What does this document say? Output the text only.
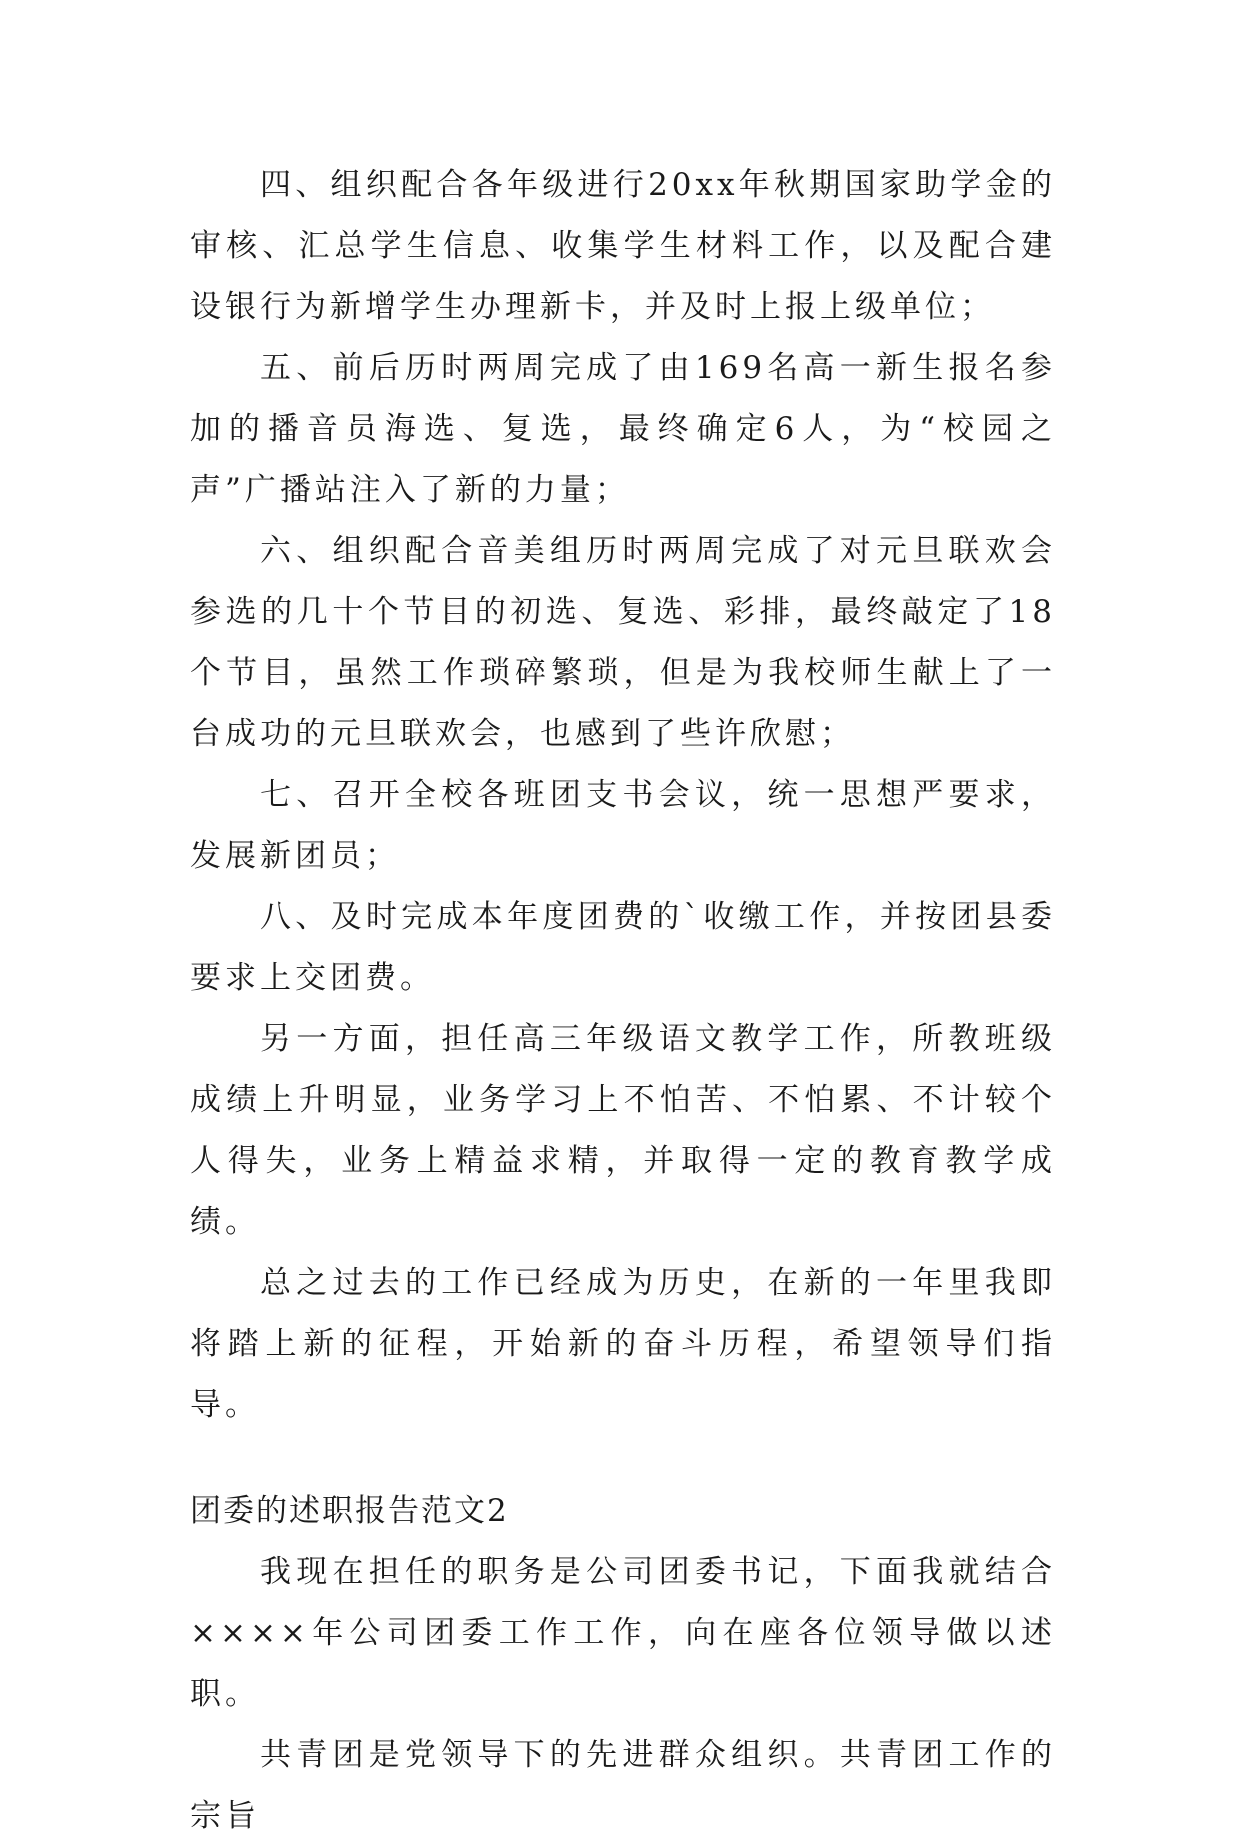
四、组织配合各年级进行20xx年秋期国家助学金的审核、汇总学生信息、收集学生材料工作，以及配合建设银行为新增学生办理新卡，并及时上报上级单位；

五、前后历时两周完成了由169名高一新生报名参加的播音员海选、复选，最终确定6人，为“校园之声”广播站注入了新的力量；

六、组织配合音美组历时两周完成了对元旦联欢会参选的几十个节目的初选、复选、彩排，最终敲定了18个节目，虽然工作琐碎繁琐，但是为我校师生献上了一台成功的元旦联欢会，也感到了些许欣慰；

七、召开全校各班团支书会议，统一思想严要求，发展新团员；

八、及时完成本年度团费的`收缴工作，并按团县委要求上交团费。

另一方面，担任高三年级语文教学工作，所教班级成绩上升明显，业务学习上不怕苦、不怕累、不计较个人得失，业务上精益求精，并取得一定的教育教学成绩。

总之过去的工作已经成为历史，在新的一年里我即将踏上新的征程，开始新的奋斗历程，希望领导们指导。

团委的述职报告范文2

我现在担任的职务是公司团委书记，下面我就结合××××年公司团委工作工作，向在座各位领导做以述职。

共青团是党领导下的先进群众组织。共青团工作的宗旨
